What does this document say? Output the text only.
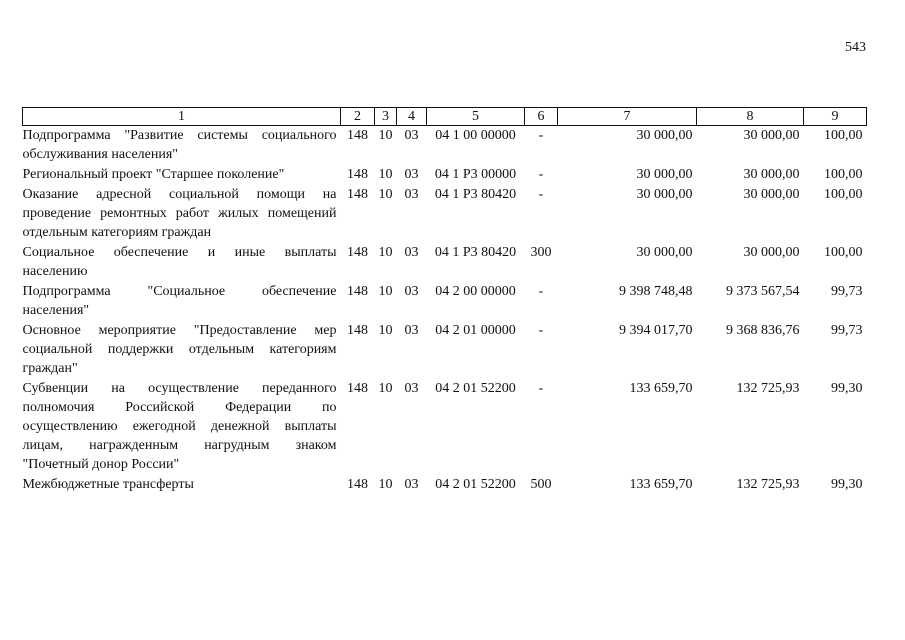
543
1	2	3	4	5	6	7	8	9
Подпрограмма "Развитие системы социального обслуживания населения"	148	10	03	04 1 00 00000	-	30 000,00	30 000,00	100,00
Региональный проект "Старшее поколение"	148	10	03	04 1 P3 00000	-	30 000,00	30 000,00	100,00
Оказание адресной социальной помощи на проведение ремонтных работ жилых помещений отдельным категориям граждан	148	10	03	04 1 P3 80420	-	30 000,00	30 000,00	100,00
Социальное обеспечение и иные выплаты населению	148	10	03	04 1 P3 80420	300	30 000,00	30 000,00	100,00
Подпрограмма "Социальное обеспечение населения"	148	10	03	04 2 00 00000	-	9 398 748,48	9 373 567,54	99,73
Основное мероприятие "Предоставление мер социальной поддержки отдельным категориям граждан"	148	10	03	04 2 01 00000	-	9 394 017,70	9 368 836,76	99,73
Субвенции на осуществление переданного полномочия Российской Федерации по осуществлению ежегодной денежной выплаты лицам, награжденным нагрудным знаком "Почетный донор России"	148	10	03	04 2 01 52200	-	133 659,70	132 725,93	99,30
Межбюджетные трансферты	148	10	03	04 2 01 52200	500	133 659,70	132 725,93	99,30
